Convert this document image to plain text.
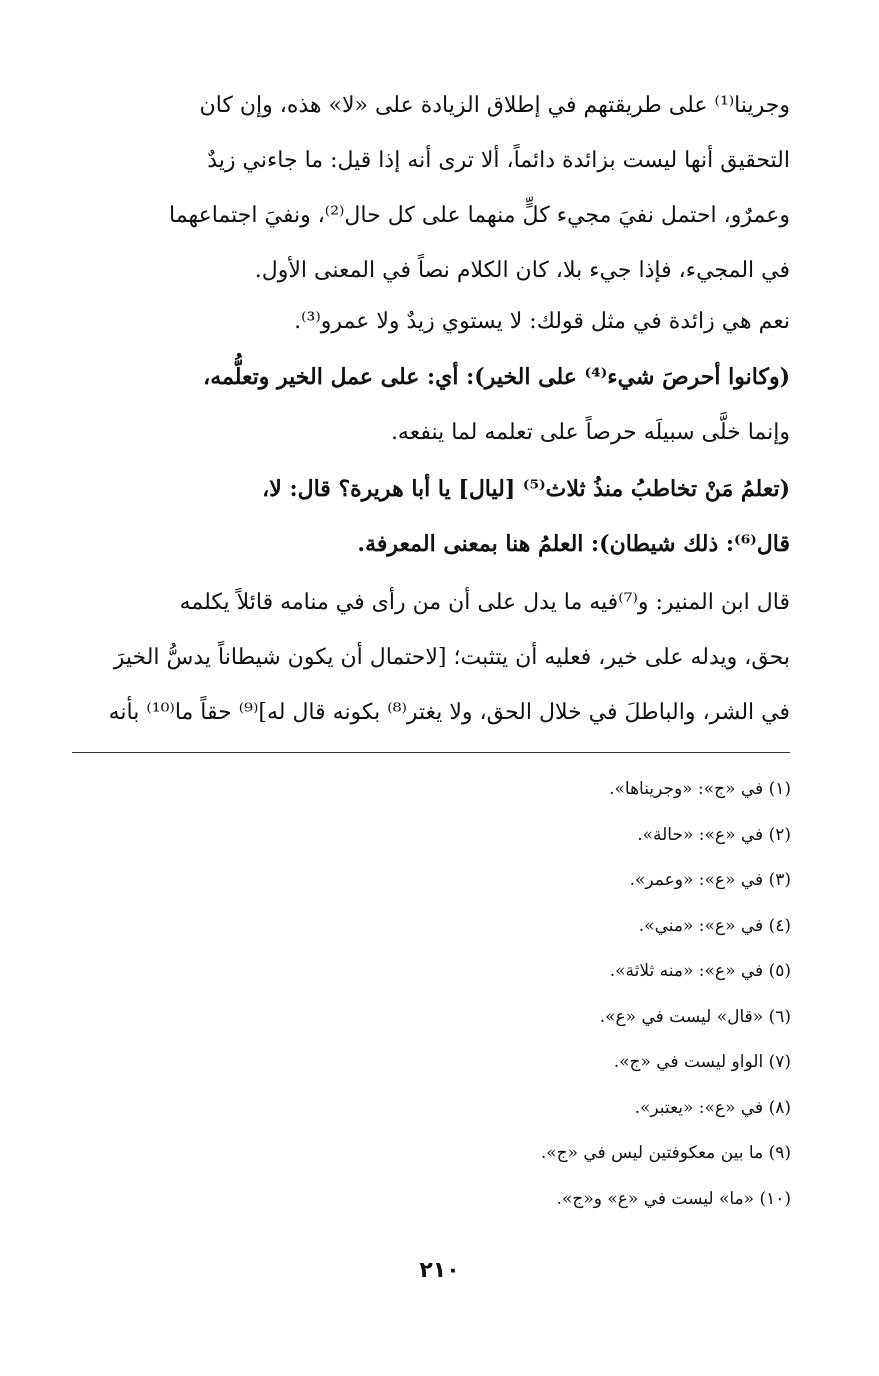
وجرينا⁽¹⁾ على طريقتهم في إطلاق الزيادة على «لا» هذه، وإن كان
التحقيق أنها ليست بزائدة دائماً، ألا ترى أنه إذا قيل: ما جاءني زيدٌ
وعمرٌو، احتمل نفيَ مجيء كلٍّ منهما على كل حال⁽²⁾، ونفيَ اجتماعهما
في المجيء، فإذا جيء بلا، كان الكلام نصاً في المعنى الأول.
نعم هي زائدة في مثل قولك: لا يستوي زيدٌ ولا عمرو⁽³⁾.
(وكانوا أحرصَ شيء⁽⁴⁾ على الخير): أي: على عمل الخير وتعلُّمه،
وإنما خلَّى سبيلَه حرصاً على تعلمه لما ينفعه.
(تعلمُ مَنْ تخاطبُ منذُ ثلاث⁽⁵⁾ [ليال] يا أبا هريرة؟ قال: لا،
قال⁽⁶⁾: ذلك شيطان): العلمُ هنا بمعنى المعرفة.
قال ابن المنير: و⁽⁷⁾فيه ما يدل على أن من رأى في منامه قائلاً يكلمه
بحق، ويدله على خير، فعليه أن يتثبت؛ [لاحتمال أن يكون شيطاناً يدسُّ الخيرَ
في الشر، والباطلَ في خلال الحق، ولا يغتر⁽⁸⁾ بكونه قال له]⁽⁹⁾ حقاً ما⁽¹⁰⁾ بأنه
(١) في «ج»: «وجريناها».
(٢) في «ع»: «حالة».
(٣) في «ع»: «وعمر».
(٤) في «ع»: «مني».
(٥) في «ع»: «منه ثلاثة».
(٦) «قال» ليست في «ع».
(٧) الواو ليست في «ج».
(٨) في «ع»: «يعتبر».
(٩) ما بين معكوفتين ليس في «ج».
(١٠) «ما» ليست في «ع» و«ج».
٢١٠
